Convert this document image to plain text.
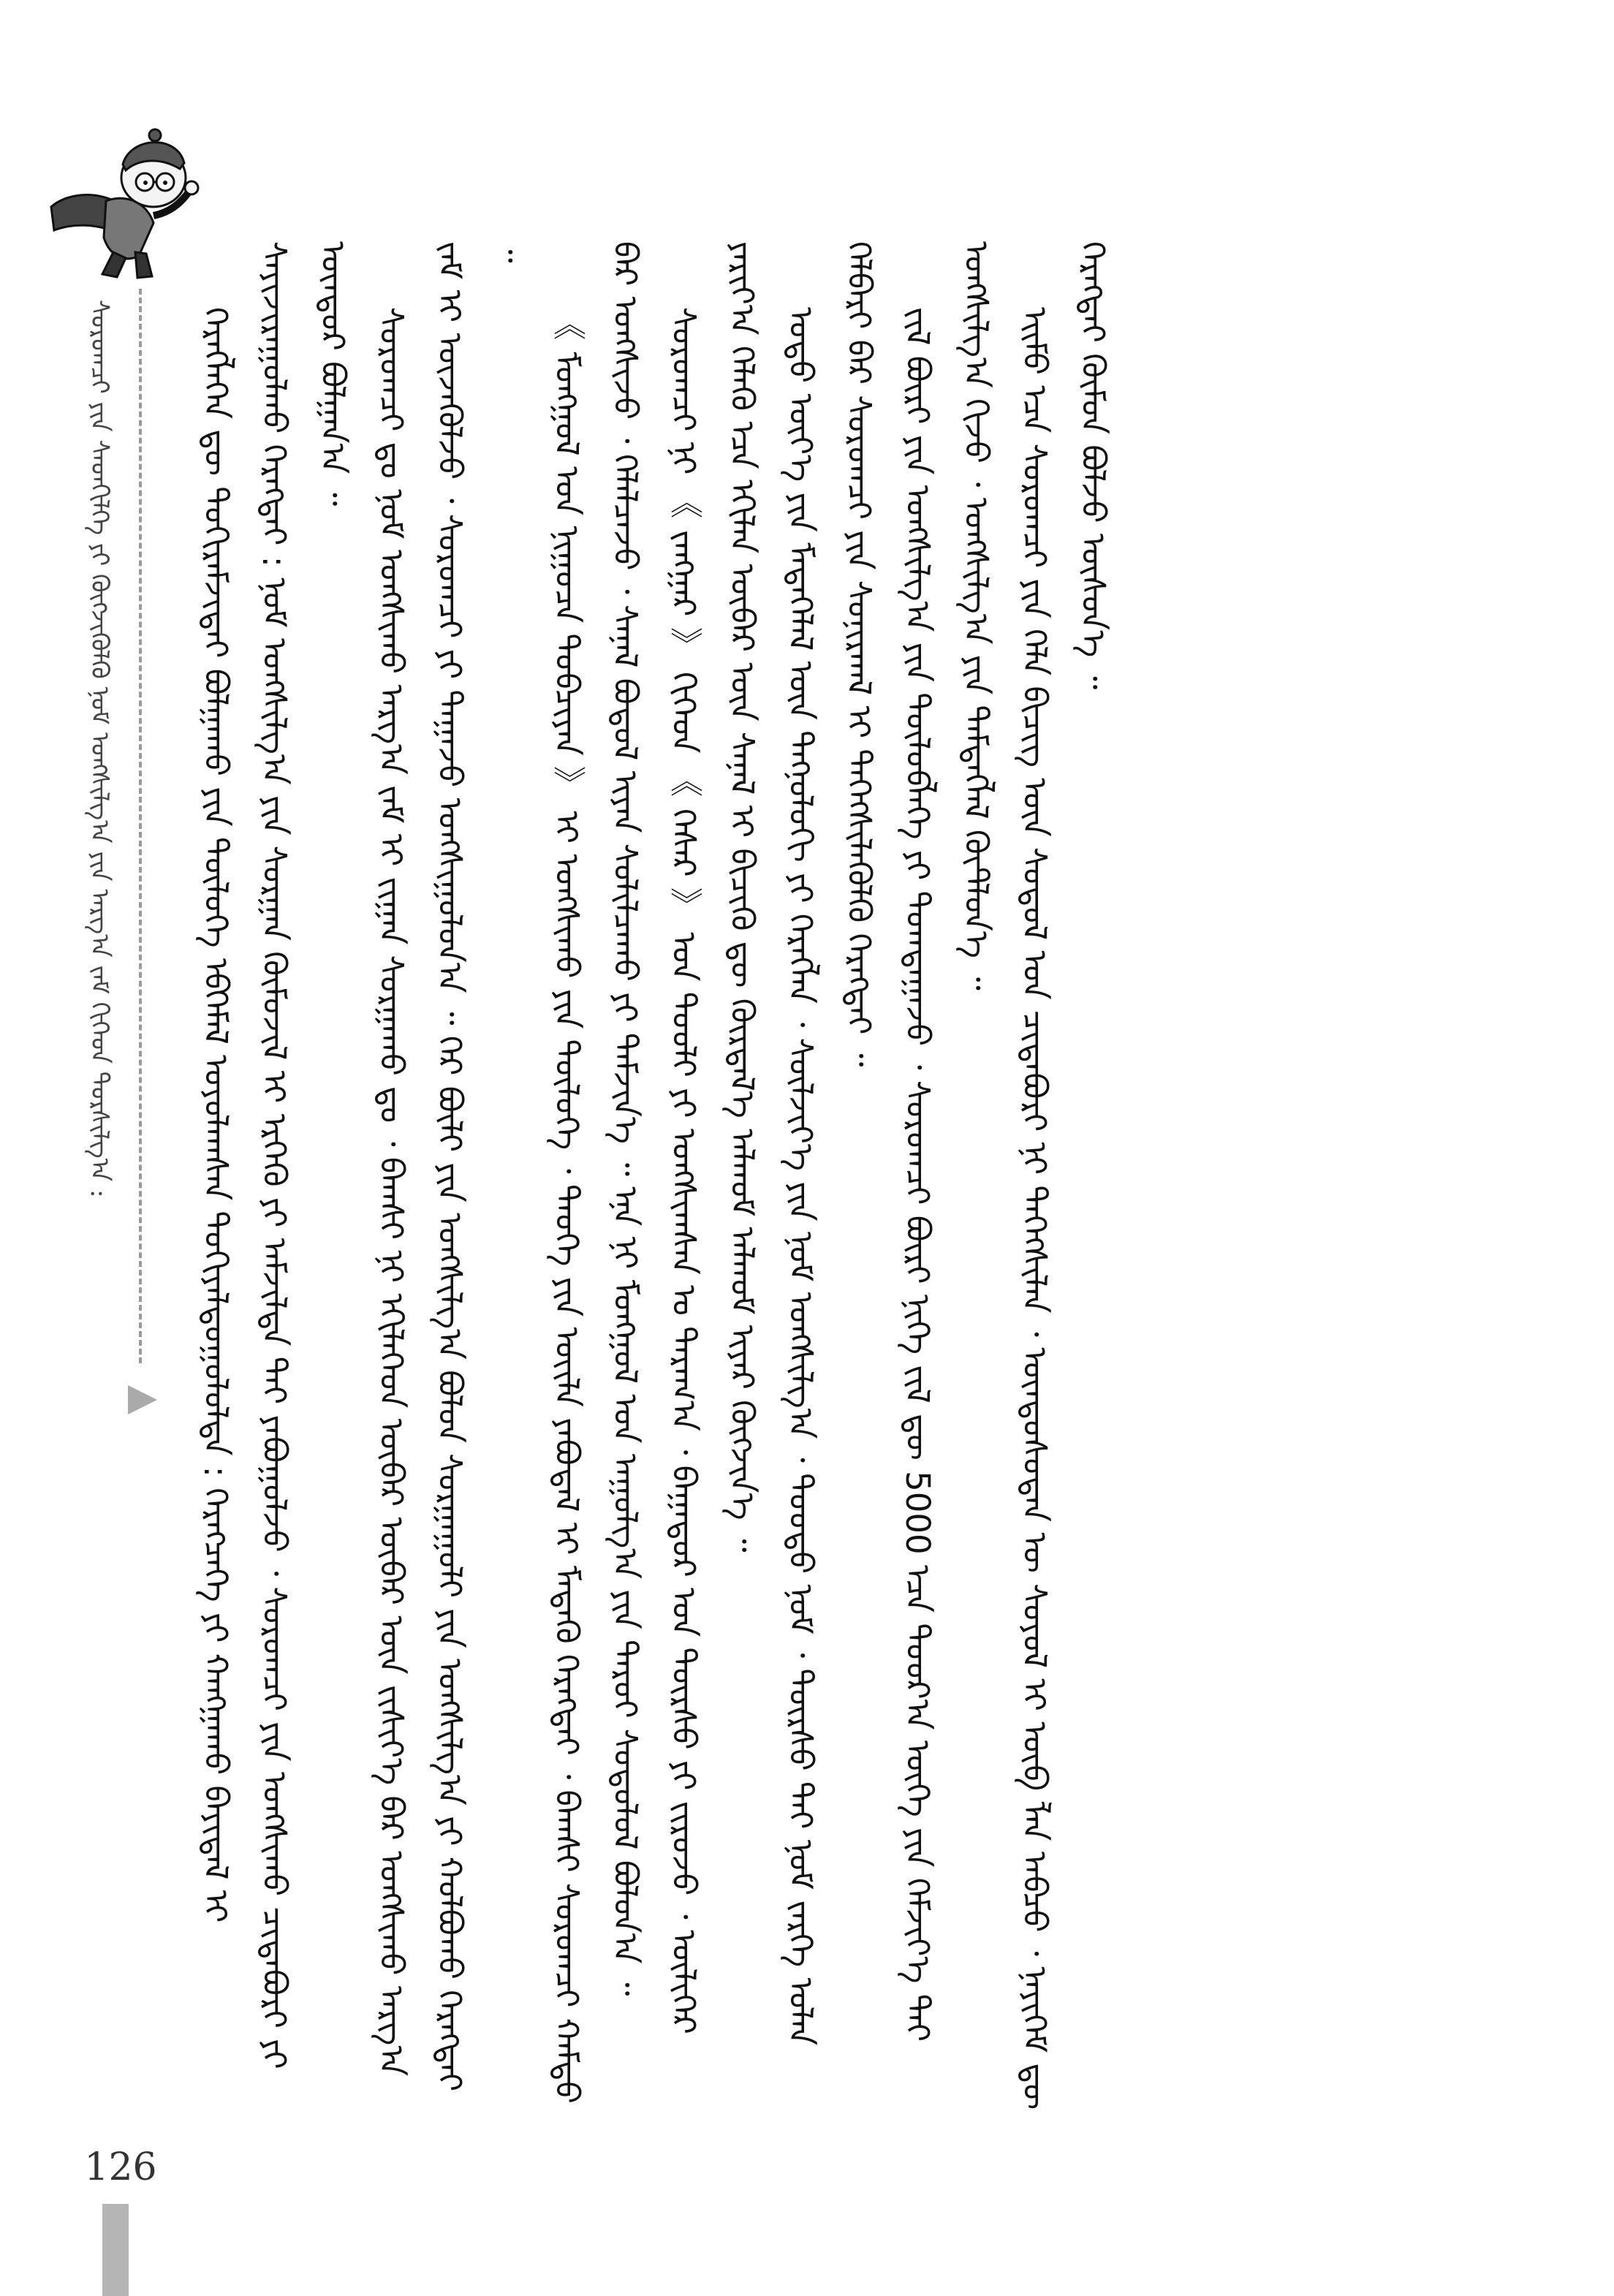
ᠰᠤᠷᠤᠭᠴᠢ ᠶᠢᠨ ᠰᠡᠳᠬᠢᠯᠭᠡ ᠶᠢ ᠬᠥᠭᠵᠢᠭᠦᠯᠬᠦ ᠨᠤᠮ ᠤᠩᠰᠢᠯᠭ᠎ᠠ ᠶᠢᠨ ᠠᠷᠭ᠎ᠠ ᠵᠠᠮ ᠬᠢᠭᠡᠳ ᠲᠤᠷᠰᠢᠯᠭ᠎ᠠ :	ᠬᠡᠷᠡᠭᠯᠡᠭᠡᠨ ᠳᠦ ᠲᠤᠬᠢᠷᠠᠮᠵᠢᠲᠠᠢ ᠪᠣᠯᠭᠠᠬᠤ ᠶᠢᠨ ᠲᠥᠯᠥᠭᠡ ᠡᠪᠬᠡᠮᠡᠯ ᠣᠶᠤᠯᠠᠭᠰᠠᠨ ᠲᠤᠬᠢᠶᠠᠯᠳᠤᠭᠤᠯᠤᠯᠲᠠ : ᠬᠡᠷᠡᠭᠴᠡᠭᠡ ᠶᠢ ᠬᠠᠩᠭᠠᠬᠤ ᠪᠠᠶᠢᠳᠠᠯ ᠢ ᠰᠠᠶᠢᠵᠢᠷᠠᠭᠤᠯᠬᠤ ᠬᠡᠷᠡᠭᠲᠡᠢ : ᠨᠤᠮ ᠤᠩᠰᠢᠯᠭ᠎ᠠ ᠶᠢᠨ ᠰᠤᠷᠭᠠᠨ ᠬᠥᠮᠦᠵᠢᠯ ᠢ ᠡᠷᠭᠡᠬᠦ ᠶᠢ ᠠᠮᠵᠢᠯᠲᠠ ᠲᠠᠢ ᠶᠠᠪᠤᠭᠤᠯᠵᠤ ᠂ ᠰᠤᠷᠤᠭᠴᠢ ᠶᠢᠨ ᠤᠩᠰᠢᠬᠤ ᠴᠢᠳᠠᠪᠤᠷᠢ ᠶᠢ ᠥᠨᠳᠥᠷ ᠪᠣᠯᠭᠠᠨ᠎ᠠ ᠃ ᠰᠤᠷᠤᠭᠴᠢ ᠳᠤ ᠨᠤᠮ ᠤᠩᠰᠢᠬᠤ ᠠᠷᠭ᠎ᠠ ᠵᠠᠮ ᠢ ᠵᠢᠭᠠᠨ ᠰᠤᠷᠭᠠᠬᠤ ᠳᠤ ᠂ ᠪᠠᠭᠰᠢ ᠨᠢ ᠡᠬᠢᠯᠡᠭᠡᠳ ᠥᠪᠡᠷ ᠥᠪᠡᠷ ᠦᠨ ᠵᠢᠱᠢᠶ᠎ᠡ ᠪᠠᠷ ᠤᠩᠰᠢᠬᠤ ᠠᠷᠭ᠎ᠠ ᠵᠠᠮ ᠢ ᠦᠵᠡᠭᠦᠯᠵᠦ ᠂ ᠰᠤᠷᠤᠭᠴᠢ ᠶᠢ ᠳᠠᠭᠠᠵᠤ ᠤᠩᠰᠢᠭᠤᠯᠤᠨ᠎ᠠ ᠃ ᠭᠡᠷ ᠪᠦᠯᠢ ᠶᠢᠨ ᠤᠩᠰᠢᠯᠭ᠎ᠠ ᠪᠣᠯᠣᠨ ᠰᠤᠷᠭᠠᠭᠤᠯᠢ ᠶᠢᠨ ᠤᠩᠰᠢᠯᠭ᠎ᠠ ᠶᠢ ᠬᠣᠯᠪᠣᠬᠤ ᠬᠡᠷᠡᠭᠲᠡᠢ ᠃

《 ᠮᠣᠩᠭᠣᠯ ᠤᠨ ᠨᠢᠭᠤᠴᠠ ᠲᠣᠪᠴᠢᠶᠠᠨ 》 ᠢ ᠤᠩᠰᠢᠬᠤ ᠶᠢᠨ ᠲᠥᠯᠥᠭᠡ ᠂ ᠲᠡᠦᠬᠡ ᠶᠢᠨ ᠦᠢᠯᠡ ᠶᠠᠪᠤᠳᠠᠯ ᠢ ᠮᠡᠳᠡᠬᠦ ᠬᠡᠷᠡᠭᠲᠡᠢ ᠂ ᠪᠠᠭᠰᠢ ᠰᠤᠷᠤᠭᠴᠢ ᠬᠠᠮᠲᠤ ᠪᠠᠷ ᠤᠩᠰᠢᠵᠤ ᠂ ᠬᠡᠯᠡᠯᠴᠡᠵᠦ ᠂ ᠰᠠᠨᠠᠯ ᠪᠣᠳᠣᠯ ᠢᠶᠠᠨ ᠰᠣᠯᠢᠯᠴᠠᠬᠤ ᠶᠢ ᠳᠡᠮᠵᠢᠨ᠎ᠡ ᠃ ᠡᠨᠡ ᠨᠢ ᠮᠣᠩᠭᠣᠯ ᠤᠨ ᠠᠭᠤᠯᠭ᠎ᠠ ᠶᠢᠨ ᠳᠠᠷᠤᠢ ᠰᠤᠳᠤᠯᠤᠯ ᠪᠣᠯᠣᠨ᠎ᠠ ᠃ ᠰᠤᠷᠤᠭᠴᠢ ᠨᠢ 《 ᠵᠠᠩᠭᠠᠷ 》 ᠬᠢᠭᠡᠳ 《 ᠭᠡᠰᠡᠷ 》 ᠤᠨ ᠲᠤᠤᠯᠢ ᠶᠢ ᠤᠩᠰᠢᠭᠰᠠᠨ ᠤ ᠳᠠᠷᠠᠭ᠎ᠠ ᠂ ᠪᠠᠭᠠᠳᠤᠷ ᠤᠨ ᠳᠦᠷᠰᠦ ᠶᠢ ᠵᠢᠷᠤᠵᠤ ᠂ ᠦᠯᠢᠭᠡᠷ ᠶᠠᠷᠢᠶ᠎ᠠ ᠬᠡᠯᠡᠬᠦ ᠡᠴᠡ ᠡᠬᠢᠯᠡᠨ ᠥᠪᠡᠷ ᠦᠨ ᠰᠠᠨᠠᠯ ᠢ ᠪᠢᠴᠢᠬᠦ ᠳᠦ ᠬᠦᠷᠲᠡᠯ᠎ᠡ ᠠᠯᠬᠤᠮ ᠠᠯᠬᠤᠮ ᠢᠶᠠᠷ ᠬᠥᠭᠵᠢᠨ᠎ᠡ ᠃ ᠣᠳᠣ ᠦᠶ᠎ᠡ ᠶᠢᠨ ᠮᠡᠳᠡᠭᠡᠯᠡᠯ ᠦᠨ ᠲᠡᠬᠨᠣᠯᠣᠭᠢ ᠶᠢ ᠬᠡᠷᠡᠭᠯᠡᠨ ᠂ ᠰᠦᠯᠵᠢᠶ᠎ᠡ ᠶᠢᠨ ᠨᠤᠮ ᠤᠩᠰᠢᠯᠭ᠎ᠠ ᠂ ᠳᠤᠤᠲᠤ ᠨᠤᠮ ᠂ ᠳᠦᠷᠰᠦ ᠲᠠᠢ ᠨᠤᠮ ᠵᠡᠷᠭᠡ ᠣᠯᠠᠨ ᠬᠡᠯᠪᠡᠷᠢ ᠪᠠᠷ ᠰᠤᠷᠤᠭᠴᠢ ᠶᠢᠨ ᠰᠣᠨᠢᠷᠬᠠᠯ ᠢ ᠳᠡᠭᠡᠭᠰᠢᠯᠡᠭᠦᠯᠬᠦ ᠬᠡᠷᠡᠭᠲᠡᠢ ᠃ ᠵᠢᠯ ᠪᠦᠷᠢ ᠶᠢᠨ ᠤᠩᠰᠢᠯᠭ᠎ᠠ ᠶᠢᠨ ᠲᠥᠯᠥᠪᠯᠡᠭᠡ ᠶᠢ ᠲᠣᠭᠲᠠᠭᠠᠵᠤ ᠂ ᠰᠤᠷᠤᠭᠴᠢ ᠪᠦᠷᠢ ᠨᠢᠭᠡ ᠵᠢᠯ ᠳᠦ 5000 ᠡᠴᠡ ᠳᠣᠣᠷ᠎ᠠ ᠦᠭᠡ ᠶᠢᠨ ᠬᠡᠮᠵᠢᠶ᠎ᠡ ᠲᠠᠢ ᠤᠩᠰᠢᠯᠭ᠎ᠠ ᠬᠢᠵᠦ ᠂ ᠤᠩᠰᠢᠯᠭ᠎ᠠ ᠶᠢᠨ ᠲᠡᠮᠳᠡᠭᠯᠡᠯ ᠬᠥᠲᠯᠦᠨ᠎ᠡ ᠃ ᠡᠢᠮᠦ ᠡᠴᠡ ᠰᠤᠷᠤᠭᠴᠢ ᠶᠢᠨ ᠬᠡᠯᠡ ᠪᠢᠴᠢᠭ ᠦᠨ ᠰᠤᠳᠤᠯ ᠤᠨ ᠴᠢᠳᠠᠪᠤᠷᠢ ᠨᠢ ᠳᠡᠭᠡᠭᠰᠢᠯᠡᠨ ᠂ ᠦᠨᠳᠦᠰᠦᠲᠡᠨ ᠦ ᠰᠣᠶᠣᠯ ᠢ ᠥᠪ ᠯᠡᠨ ᠠᠪᠴᠤ ᠂ ᠨᠡᠶᠢᠭᠡᠮ ᠳᠦ ᠬᠡᠷᠡᠭᠲᠡᠢ ᠬᠦᠮᠦᠨ ᠪᠣᠯᠵᠤ ᠥᠰᠦᠨ᠎ᠡ ᠃

126
